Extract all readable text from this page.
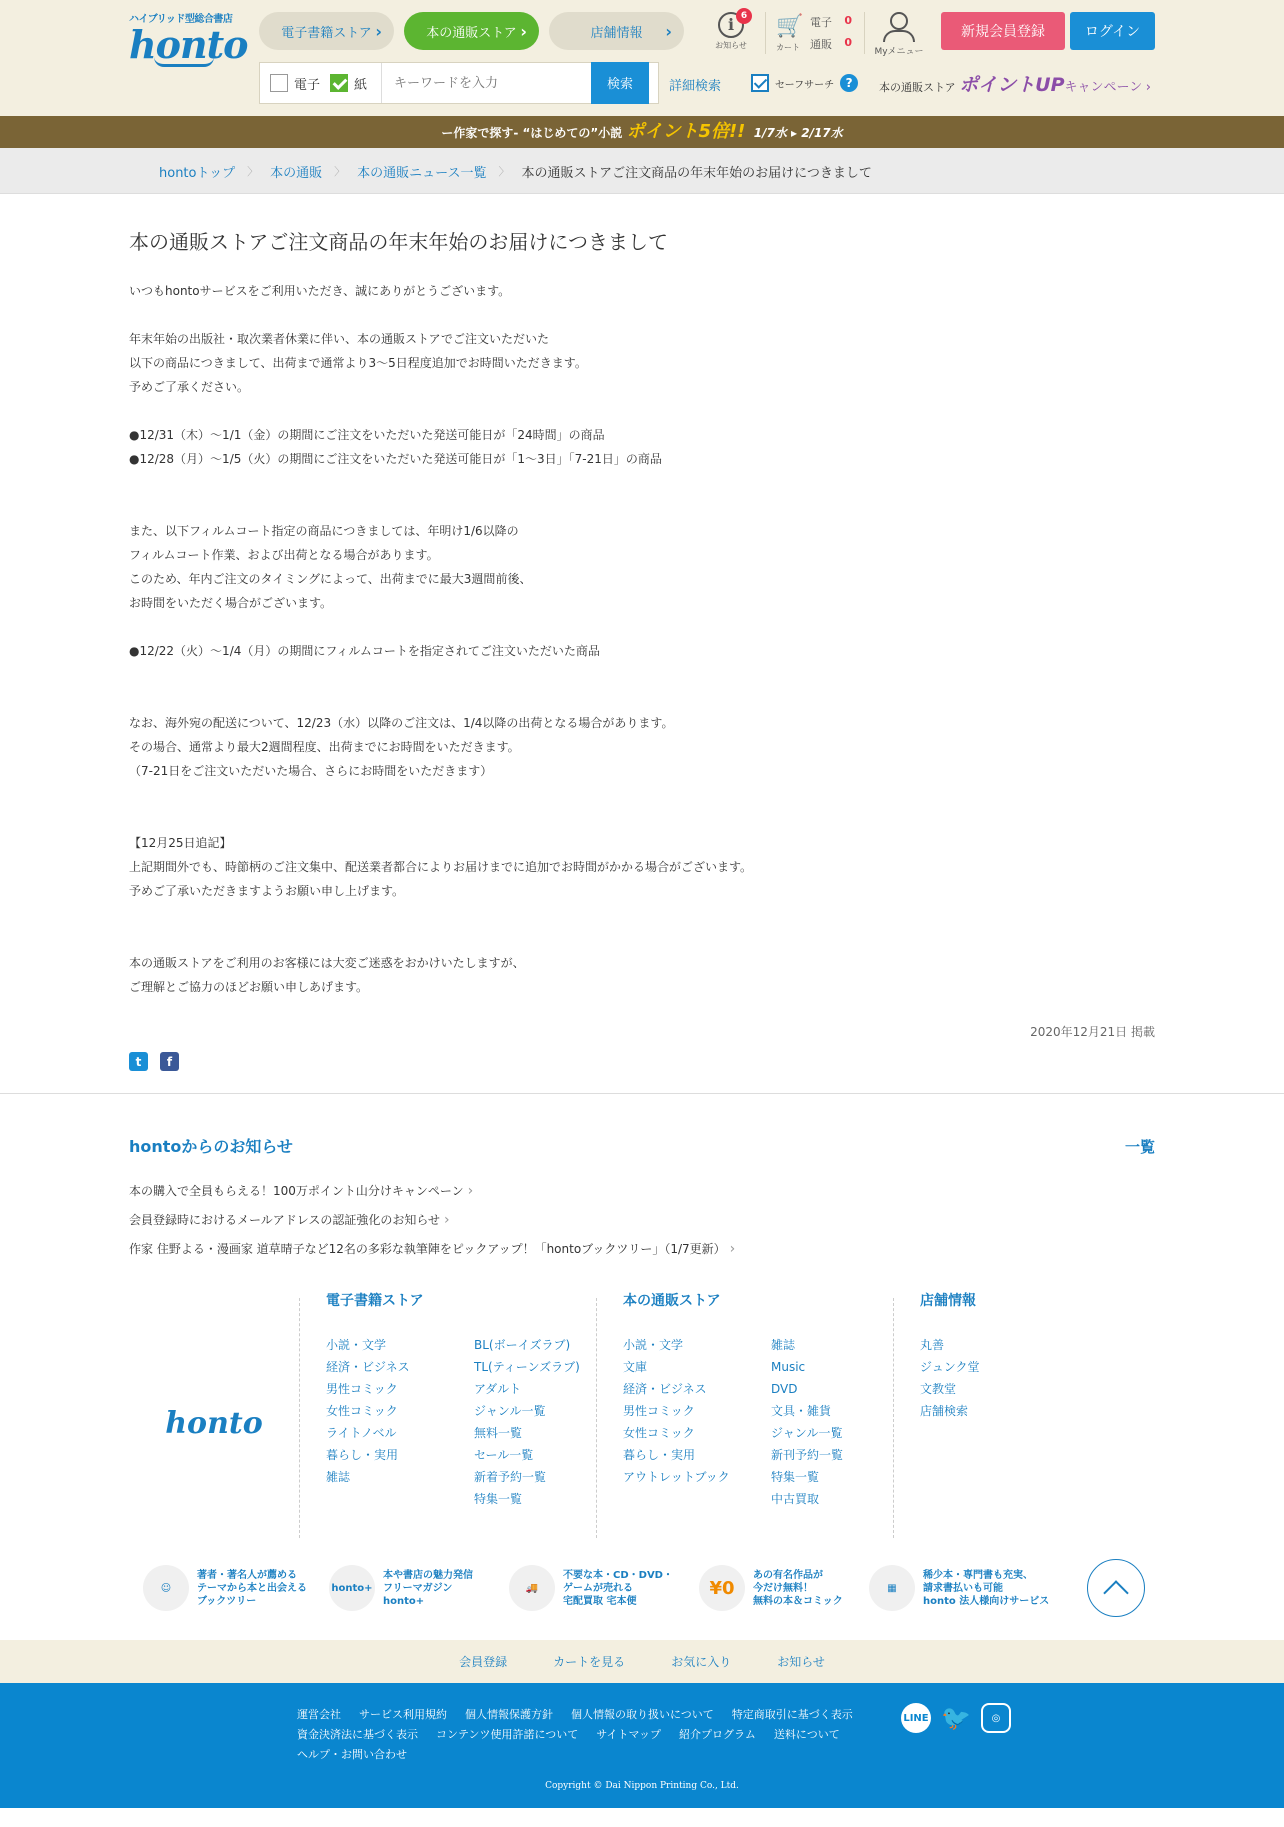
ハイブリッド型総合書店
honto	電子書籍ストア ›	本の通販ストア ›	店舗情報 ›	i 6
お知らせ
🛒
カート
電子 0
通販 0
Myメニュー
新規会員登録	ログイン
電子	紙
キーワードを入力	検索	詳細検索	セーフサーチ ?	本の通販ストア ポイントUPキャンペーン ›
ー作家で探す- “はじめての”小説 ポイント5倍!! 1/7水 ▸ 2/17水
hontoトップ 〉 本の通販 〉 本の通販ニュース一覧 〉 本の通販ストアご注文商品の年末年始のお届けにつきまして
本の通販ストアご注文商品の年末年始のお届けにつきまして

いつもhontoサービスをご利用いただき、誠にありがとうございます。

年末年始の出版社・取次業者休業に伴い、本の通販ストアでご注文いただいた

以下の商品につきまして、出荷まで通常より3～5日程度追加でお時間いただきます。

予めご了承ください。

●12/31（木）～1/1（金）の期間にご注文をいただいた発送可能日が「24時間」の商品

●12/28（月）～1/5（火）の期間にご注文をいただいた発送可能日が「1～3日」「7-21日」の商品

また、以下フィルムコート指定の商品につきましては、年明け1/6以降の

フィルムコート作業、および出荷となる場合があります。

このため、年内ご注文のタイミングによって、出荷までに最大3週間前後、

お時間をいただく場合がございます。

●12/22（火）～1/4（月）の期間にフィルムコートを指定されてご注文いただいた商品

なお、海外宛の配送について、12/23（水）以降のご注文は、1/4以降の出荷となる場合があります。

その場合、通常より最大2週間程度、出荷までにお時間をいただきます。

（7-21日をご注文いただいた場合、さらにお時間をいただきます）

【12月25日追記】

上記期間外でも、時節柄のご注文集中、配送業者都合によりお届けまでに追加でお時間がかかる場合がございます。

予めご了承いただきますようお願い申し上げます。

本の通販ストアをご利用のお客様には大変ご迷惑をおかけいたしますが、

ご理解とご協力のほどお願い申しあげます。

2020年12月21日 掲載
t	f
hontoからのお知らせ	一覧
本の購入で全員もらえる！100万ポイント山分けキャンペーン ›
会員登録時におけるメールアドレスの認証強化のお知らせ ›
作家 住野よる・漫画家 道草晴子など12名の多彩な執筆陣をピックアップ！「hontoブックツリー」（1/7更新） ›
honto
電子書籍ストア
小説・文学
経済・ビジネス
男性コミック
女性コミック
ライトノベル
暮らし・実用
雑誌
BL(ボーイズラブ)
TL(ティーンズラブ)
アダルト
ジャンル一覧
無料一覧
セール一覧
新着予約一覧
特集一覧
本の通販ストア
小説・文学
文庫
経済・ビジネス
男性コミック
女性コミック
暮らし・実用
アウトレットブック
雑誌
Music
DVD
文具・雑貨
ジャンル一覧
新刊予約一覧
特集一覧
中古買取
店舗情報
丸善
ジュンク堂
文教堂
店舗検索
☺
著者・著名人が薦める
テーマから本と出会える
ブックツリー
honto+
本や書店の魅力発信
フリーマガジン
honto+
🚚
不要な本・CD・DVD・
ゲームが売れる
宅配買取 宅本便
¥0
あの有名作品が
今だけ無料！
無料の本＆コミック
▦
稀少本・専門書も充実、
請求書払いも可能
honto 法人様向けサービス
会員登録	カートを見る	お気に入り	お知らせ
運営会社 サービス利用規約 個人情報保護方針 個人情報の取り扱いについて 特定商取引に基づく表示
資金決済法に基づく表示 コンテンツ使用許諾について サイトマップ 紹介プログラム 送料について
ヘルプ・お問い合わせ
LINE 🐦	◎
Copyright © Dai Nippon Printing Co., Ltd.
